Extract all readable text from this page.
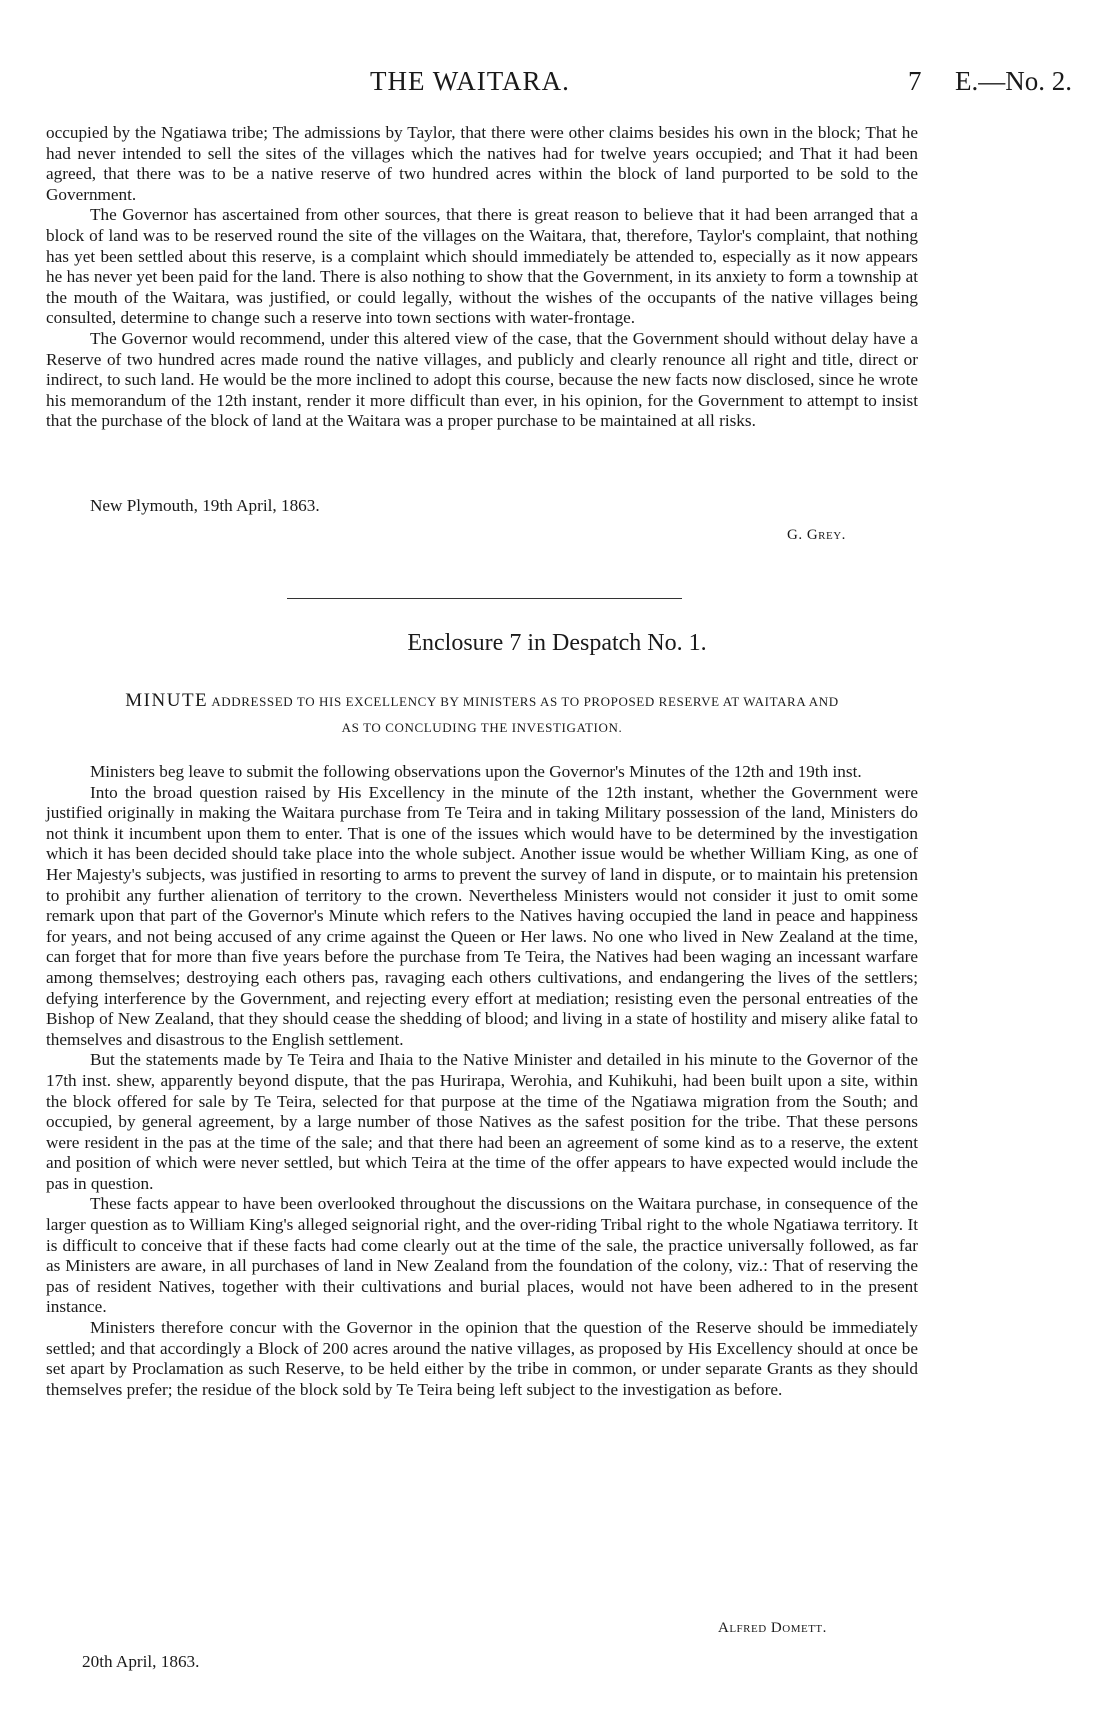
THE WAITARA.	7 E.—No. 2.

occupied by the Ngatiawa tribe; The admissions by Taylor, that there were other claims besides his own in the block; That he had never intended to sell the sites of the villages which the natives had for twelve years occupied; and That it had been agreed, that there was to be a native reserve of two hundred acres within the block of land purported to be sold to the Government.

The Governor has ascertained from other sources, that there is great reason to believe that it had been arranged that a block of land was to be reserved round the site of the villages on the Waitara, that, therefore, Taylor's complaint, that nothing has yet been settled about this reserve, is a complaint which should immediately be attended to, especially as it now appears he has never yet been paid for the land. There is also nothing to show that the Government, in its anxiety to form a township at the mouth of the Waitara, was justified, or could legally, without the wishes of the occupants of the native villages being consulted, determine to change such a reserve into town sections with water-frontage.

The Governor would recommend, under this altered view of the case, that the Government should without delay have a Reserve of two hundred acres made round the native villages, and publicly and clearly renounce all right and title, direct or indirect, to such land. He would be the more inclined to adopt this course, because the new facts now disclosed, since he wrote his memorandum of the 12th instant, render it more difficult than ever, in his opinion, for the Government to attempt to insist that the purchase of the block of land at the Waitara was a proper purchase to be maintained at all risks.

New Plymouth, 19th April, 1863.
G. Grey.
Enclosure 7 in Despatch No. 1.
MINUTE ADDRESSED TO HIS EXCELLENCY BY MINISTERS AS TO PROPOSED RESERVE AT WAITARA AND
AS TO CONCLUDING THE INVESTIGATION.

Ministers beg leave to submit the following observations upon the Governor's Minutes of the 12th and 19th inst.

Into the broad question raised by His Excellency in the minute of the 12th instant, whether the Government were justified originally in making the Waitara purchase from Te Teira and in taking Military possession of the land, Ministers do not think it incumbent upon them to enter. That is one of the issues which would have to be determined by the investigation which it has been decided should take place into the whole subject. Another issue would be whether William King, as one of Her Majesty's subjects, was justified in resorting to arms to prevent the survey of land in dispute, or to maintain his pretension to prohibit any further alienation of territory to the crown. Nevertheless Ministers would not consider it just to omit some remark upon that part of the Governor's Minute which refers to the Natives having occupied the land in peace and happiness for years, and not being accused of any crime against the Queen or Her laws. No one who lived in New Zealand at the time, can forget that for more than five years before the purchase from Te Teira, the Natives had been waging an incessant warfare among themselves; destroying each others pas, ravaging each others cultivations, and endangering the lives of the settlers; defying interference by the Government, and rejecting every effort at mediation; resisting even the personal entreaties of the Bishop of New Zealand, that they should cease the shedding of blood; and living in a state of hostility and misery alike fatal to themselves and disastrous to the English settlement.

But the statements made by Te Teira and Ihaia to the Native Minister and detailed in his minute to the Governor of the 17th inst. shew, apparently beyond dispute, that the pas Hurirapa, Werohia, and Kuhikuhi, had been built upon a site, within the block offered for sale by Te Teira, selected for that purpose at the time of the Ngatiawa migration from the South; and occupied, by general agreement, by a large number of those Natives as the safest position for the tribe. That these persons were resident in the pas at the time of the sale; and that there had been an agreement of some kind as to a reserve, the extent and position of which were never settled, but which Teira at the time of the offer appears to have expected would include the pas in question.

These facts appear to have been overlooked throughout the discussions on the Waitara purchase, in consequence of the larger question as to William King's alleged seignorial right, and the over-riding Tribal right to the whole Ngatiawa territory. It is difficult to conceive that if these facts had come clearly out at the time of the sale, the practice universally followed, as far as Ministers are aware, in all purchases of land in New Zealand from the foundation of the colony, viz.: That of reserving the pas of resident Natives, together with their cultivations and burial places, would not have been adhered to in the present instance.

Ministers therefore concur with the Governor in the opinion that the question of the Reserve should be immediately settled; and that accordingly a Block of 200 acres around the native villages, as proposed by His Excellency should at once be set apart by Proclamation as such Reserve, to be held either by the tribe in common, or under separate Grants as they should themselves prefer; the residue of the block sold by Te Teira being left subject to the investigation as before.

Alfred Domett.
20th April, 1863.
